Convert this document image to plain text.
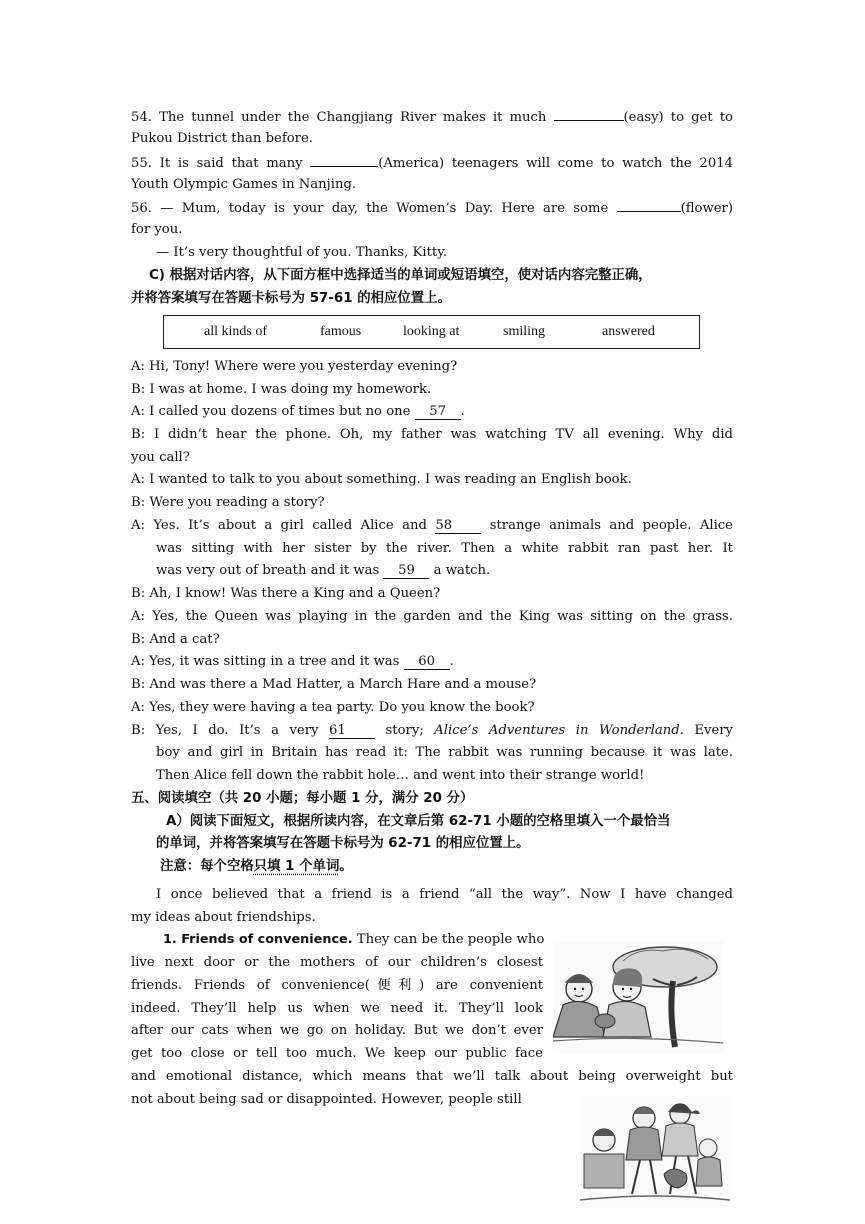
54. The tunnel under the Changjiang River makes it much	(easy) to get to
Pukou District than before.
55. It is said that many	(America) teenagers will come to watch the 2014
Youth Olympic Games in Nanjing.
56. — Mum, today is your day, the Women’s Day. Here are some	(flower)
for you.
— It’s very thoughtful of you. Thanks, Kitty.
C) 根据对话内容，从下面方框中选择适当的单词或短语填空，使对话内容完整正确，
并将答案填写在答题卡标号为 57-61 的相应位置上。
all kinds of	famous	looking at	smiling	answered
A: Hi, Tony! Where were you yesterday evening?
B: I was at home. I was doing my homework.
A: I called you dozens of times but no one 57 .
B: I didn’t hear the phone. Oh, my father was watching TV all evening. Why did
you call?
A: I wanted to talk to you about something. I was reading an English book.
B: Were you reading a story?
A: Yes. It’s about a girl called Alice and 58 strange animals and people. Alice
was sitting with her sister by the river. Then a white rabbit ran past her. It
was very out of breath and it was 59 a watch.
B: Ah, I know! Was there a King and a Queen?
A: Yes, the Queen was playing in the garden and the King was sitting on the grass.
B: And a cat?
A: Yes, it was sitting in a tree and it was 60 .
B: And was there a Mad Hatter, a March Hare and a mouse?
A: Yes, they were having a tea party. Do you know the book?
B: Yes, I do. It’s a very 61 story; Alice’s Adventures in Wonderland. Every
boy and girl in Britain has read it: The rabbit was running because it was late.
Then Alice fell down the rabbit hole… and went into their strange world!
五、阅读填空（共 20 小题；每小题 1 分，满分 20 分）
A）阅读下面短文，根据所读内容，在文章后第 62-71 小题的空格里填入一个最恰当
的单词，并将答案填写在答题卡标号为 62-71 的相应位置上。
注意：每个空格只填 1 个单词。
I once believed that a friend is a friend “all the way”. Now I have changed
my ideas about friendships.
1. Friends of convenience. They can be the people who
live next door or the mothers of our children’s closest
friends. Friends of convenience(便利) are convenient
indeed. They’ll help us when we need it. They’ll look
after our cats when we go on holiday. But we don’t ever
get too close or tell too much. We keep our public face
and emotional distance, which means that we’ll talk about being overweight but
not about being sad or disappointed. However, people still
